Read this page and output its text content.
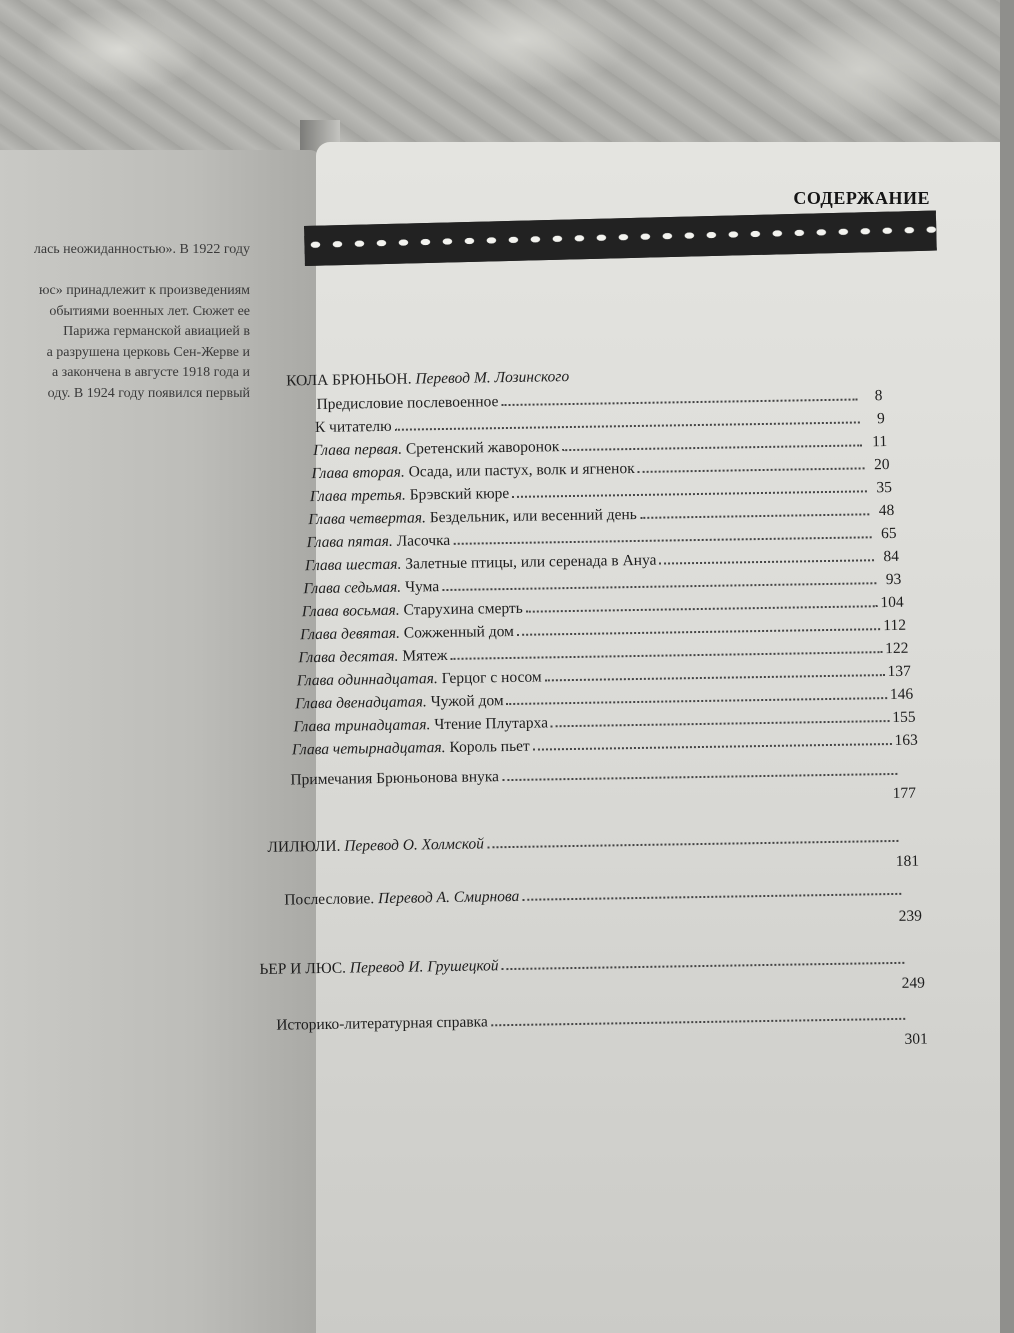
лась неожиданностью». В 1922 году
юс» принадлежит к произведениям
обытиями военных лет. Сюжет ее
Парижа германской авиацией в
а разрушена церковь Сен-Жерве и
а закончена в августе 1918 года и
оду. В 1924 году появился первый
СОДЕРЖАНИЕ
КОЛА БРЮНЬОН. Перевод М. Лозинского
Предисловие послевоенное	8
К читателю	9
Глава первая. Сретенский жаворонок	11
Глава вторая. Осада, или пастух, волк и ягненок	20
Глава третья. Брэвский кюре	35
Глава четвертая. Бездельник, или весенний день	48
Глава пятая. Ласочка	65
Глава шестая. Залетные птицы, или серенада в Ануа	84
Глава седьмая. Чума	93
Глава восьмая. Старухина смерть	104
Глава девятая. Сожженный дом	112
Глава десятая. Мятеж	122
Глава одиннадцатая. Герцог с носом	137
Глава двенадцатая. Чужой дом	146
Глава тринадцатая. Чтение Плутарха	155
Глава четырнадцатая. Король пьет	163
Примечания Брюньонова внука
177
ЛИЛЮЛИ. Перевод О. Холмской
181
Послесловие. Перевод А. Смирнова
239
ЬЕР И ЛЮС. Перевод И. Грушецкой
249
Историко-литературная справка
301
